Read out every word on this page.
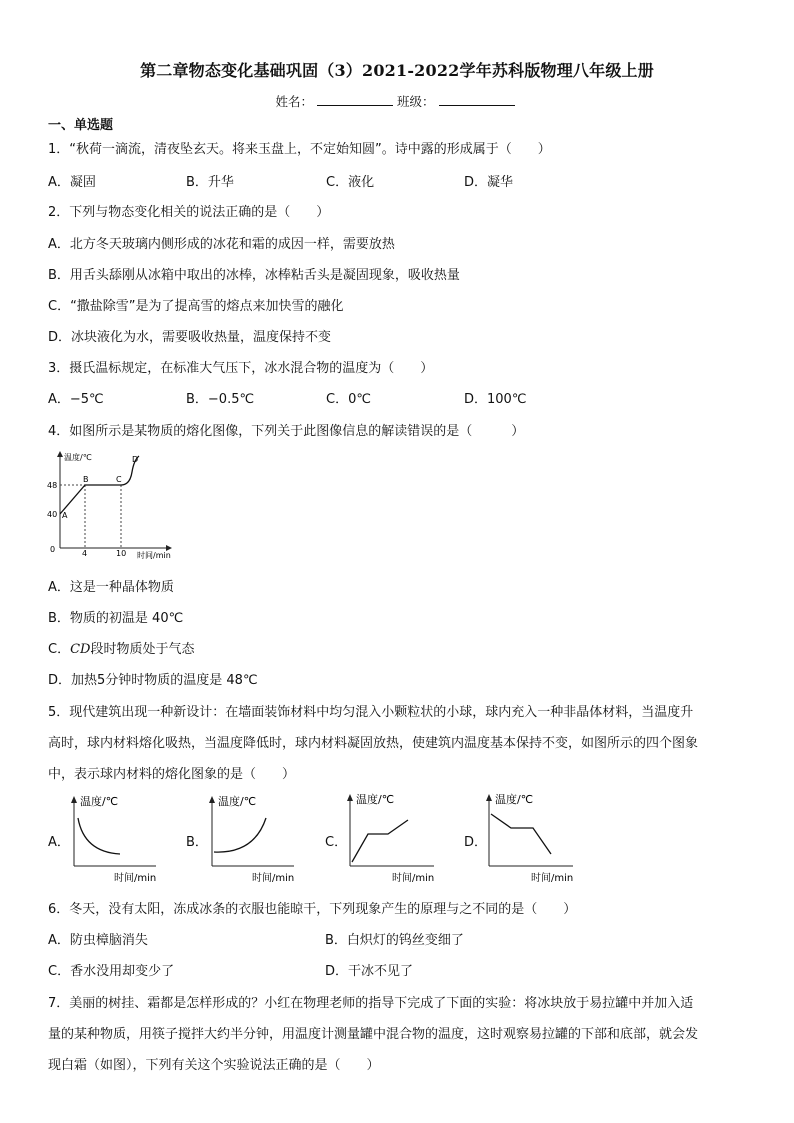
第二章物态变化基础巩固（3）2021-2022学年苏科版物理八年级上册
姓名：	班级：
一、单选题
1．“秋荷一滴流，清夜坠玄天。将来玉盘上，不定始知圆”。诗中露的形成属于（　　）
A．凝固	B．升华	C．液化	D．凝华
2．下列与物态变化相关的说法正确的是（　　）
A．北方冬天玻璃内侧形成的冰花和霜的成因一样，需要放热
B．用舌头舔刚从冰箱中取出的冰棒，冰棒粘舌头是凝固现象，吸收热量
C．“撒盐除雪”是为了提高雪的熔点来加快雪的融化
D．冰块液化为水，需要吸收热量，温度保持不变
3．摄氏温标规定，在标准大气压下，冰水混合物的温度为（　　）
A．−5℃	B．−0.5℃	C．0℃	D．100℃
4．如图所示是某物质的熔化图像，下列关于此图像信息的解读错误的是（　　　）
温度/℃
时间/min
48
40
0	4	10
A
B	C
D
A．这是一种晶体物质
B．物质的初温是 40℃
C．CD段时物质处于气态
D．加热5分钟时物质的温度是 48℃
5．现代建筑出现一种新设计：在墙面装饰材料中均匀混入小颗粒状的小球，球内充入一种非晶体材料，当温度升
高时，球内材料熔化吸热，当温度降低时，球内材料凝固放热，使建筑内温度基本保持不变，如图所示的四个图象
中，表示球内材料的熔化图象的是（　　）
A．
温度/℃
时间/min
B．
温度/℃
时间/min
C．
温度/℃
时间/min
D．
温度/℃
时间/min
6．冬天，没有太阳，冻成冰条的衣服也能晾干，下列现象产生的原理与之不同的是（　　）
A．防虫樟脑消失	B．白炽灯的钨丝变细了
C．香水没用却变少了	D．干冰不见了
7．美丽的树挂、霜都是怎样形成的？小红在物理老师的指导下完成了下面的实验：将冰块放于易拉罐中并加入适
量的某种物质，用筷子搅拌大约半分钟，用温度计测量罐中混合物的温度，这时观察易拉罐的下部和底部，就会发
现白霜（如图），下列有关这个实验说法正确的是（　　）
